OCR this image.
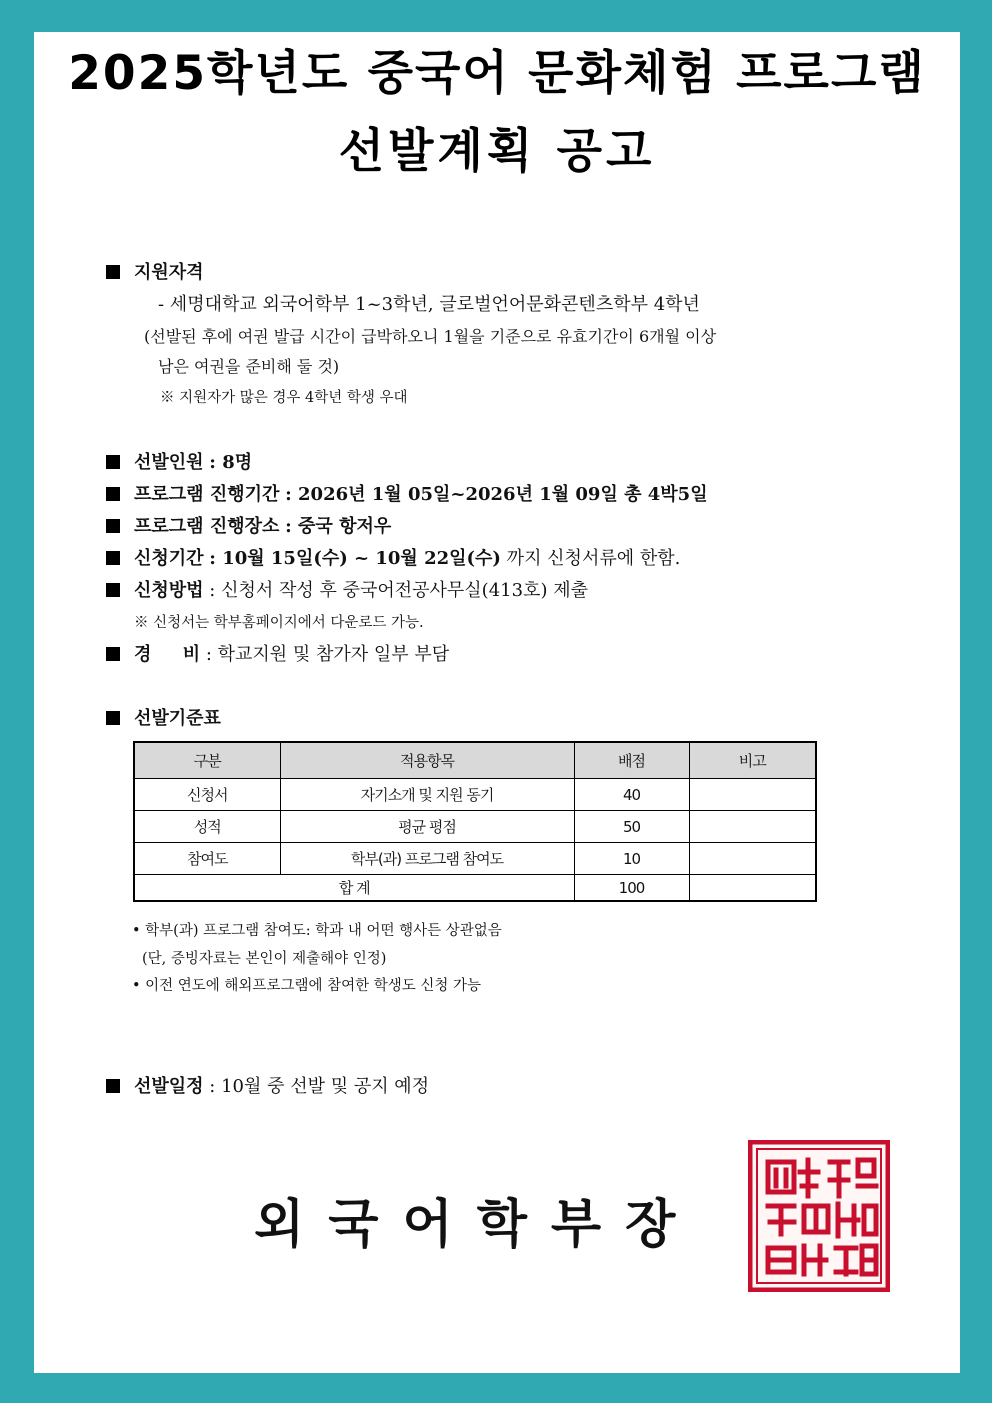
2025학년도 중국어 문화체험 프로그램
선발계획 공고
지원자격
- 세명대학교 외국어학부 1~3학년, 글로벌언어문화콘텐츠학부 4학년
(선발된 후에 여권 발급 시간이 급박하오니 1월을 기준으로 유효기간이 6개월 이상
남은 여권을 준비해 둘 것)
※ 지원자가 많은 경우 4학년 학생 우대
선발인원 : 8명
프로그램 진행기간 : 2026년 1월 05일~2026년 1월 09일 총 4박5일
프로그램 진행장소 : 중국 항저우
신청기간 : 10월 15일(수) ~ 10월 22일(수) 까지 신청서류에 한함.
신청방법 : 신청서 작성 후 중국어전공사무실(413호) 제출
※ 신청서는 학부홈페이지에서 다운로드 가능.
경     비 : 학교지원 및 참가자 일부 부담
선발기준표
구분	적용항목	배점	비고
신청서	자기소개 및 지원 동기	40	
성적	평균 평점	50	
참여도	학부(과) 프로그램 참여도	10	
합 계		100	
• 학부(과) 프로그램 참여도: 학과 내 어떤 행사든 상관없음
(단, 증빙자료는 본인이 제출해야 인정)
• 이전 연도에 해외프로그램에 참여한 학생도 신청 가능
선발일정 : 10월 중 선발 및 공지 예정
외국어학부장
